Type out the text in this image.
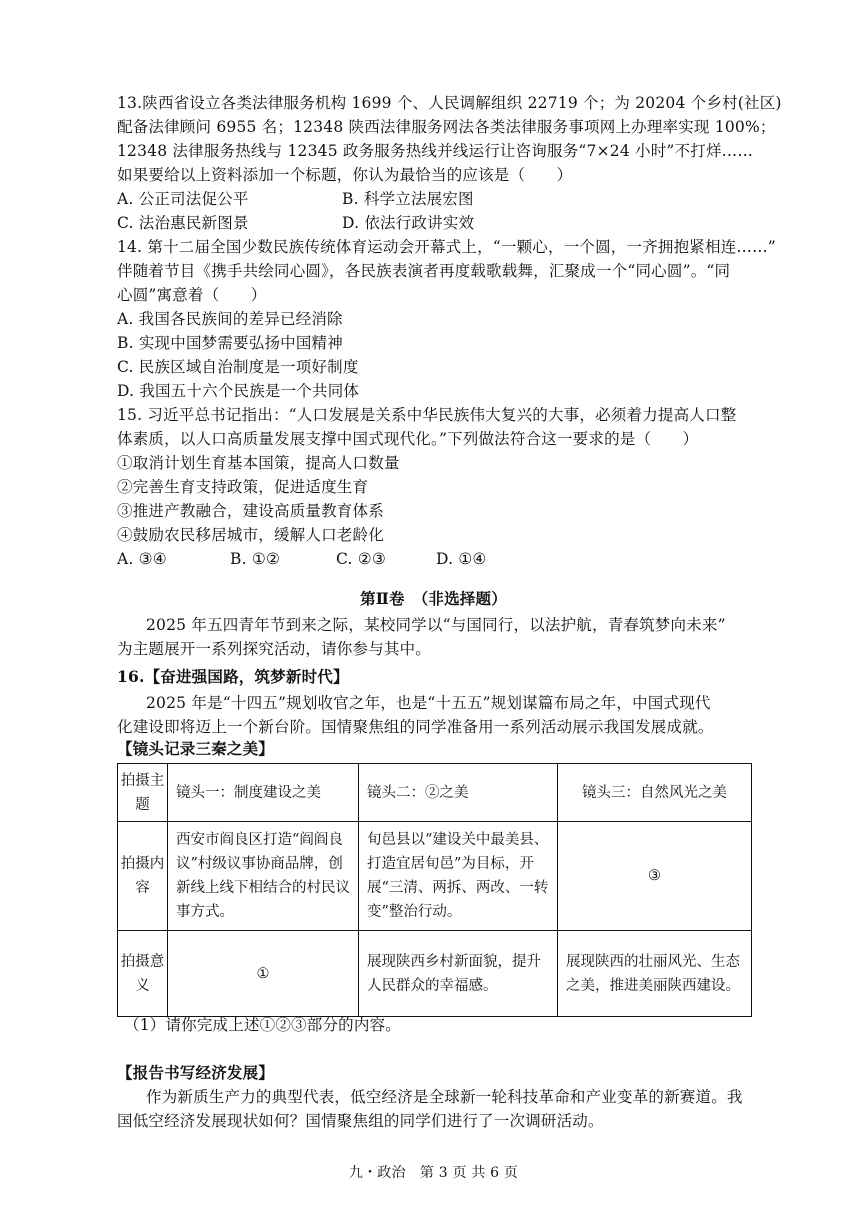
13.陕西省设立各类法律服务机构 1699 个、人民调解组织 22719 个；为 20204 个乡村(社区)
配备法律顾问 6955 名；12348 陕西法律服务网法各类法律服务事项网上办理率实现 100%；
12348 法律服务热线与 12345 政务服务热线并线运行让咨询服务“7×24 小时”不打烊……
如果要给以上资料添加一个标题，你认为最恰当的应该是（　　）
A. 公正司法促公平	B. 科学立法展宏图
C. 法治惠民新图景	D. 依法行政讲实效
14. 第十二届全国少数民族传统体育运动会开幕式上，“一颗心，一个圆，一齐拥抱紧相连……”
伴随着节目《携手共绘同心圆》，各民族表演者再度载歌载舞，汇聚成一个“同心圆”。“同
心圆”寓意着（　　）
A. 我国各民族间的差异已经消除
B. 实现中国梦需要弘扬中国精神
C. 民族区域自治制度是一项好制度
D. 我国五十六个民族是一个共同体
15. 习近平总书记指出：“人口发展是关系中华民族伟大复兴的大事，必须着力提高人口整
体素质，以人口高质量发展支撑中国式现代化。”下列做法符合这一要求的是（　　）
①取消计划生育基本国策，提高人口数量
②完善生育支持政策，促进适度生育
③推进产教融合，建设高质量教育体系
④鼓励农民移居城市，缓解人口老龄化
A. ③④	B. ①②	C. ②③	D. ①④
第Ⅱ卷　（非选择题）
2025 年五四青年节到来之际，某校同学以“与国同行，以法护航，青春筑梦向未来”
为主题展开一系列探究活动，请你参与其中。
16.【奋进强国路，筑梦新时代】
2025 年是“十四五”规划收官之年，也是“十五五”规划谋篇布局之年，中国式现代
化建设即将迈上一个新台阶。国情聚焦组的同学准备用一系列活动展示我国发展成就。
【镜头记录三秦之美】
拍摄主题	镜头一：制度建设之美	镜头二：②之美	镜头三：自然风光之美
拍摄内容	西安市阎良区打造“阎阎良议”村级议事协商品牌，创新线上线下相结合的村民议事方式。	旬邑县以“建设关中最美县、打造宜居旬邑”为目标，开展“三清、两拆、两改、一转变”整治行动。	③
拍摄意义	①	展现陕西乡村新面貌，提升人民群众的幸福感。	展现陕西的壮丽风光、生态之美，推进美丽陕西建设。
（1）请你完成上述①②③部分的内容。
【报告书写经济发展】
作为新质生产力的典型代表，低空经济是全球新一轮科技革命和产业变革的新赛道。我
国低空经济发展现状如何？国情聚焦组的同学们进行了一次调研活动。
九・政治　第 3 页 共 6 页
